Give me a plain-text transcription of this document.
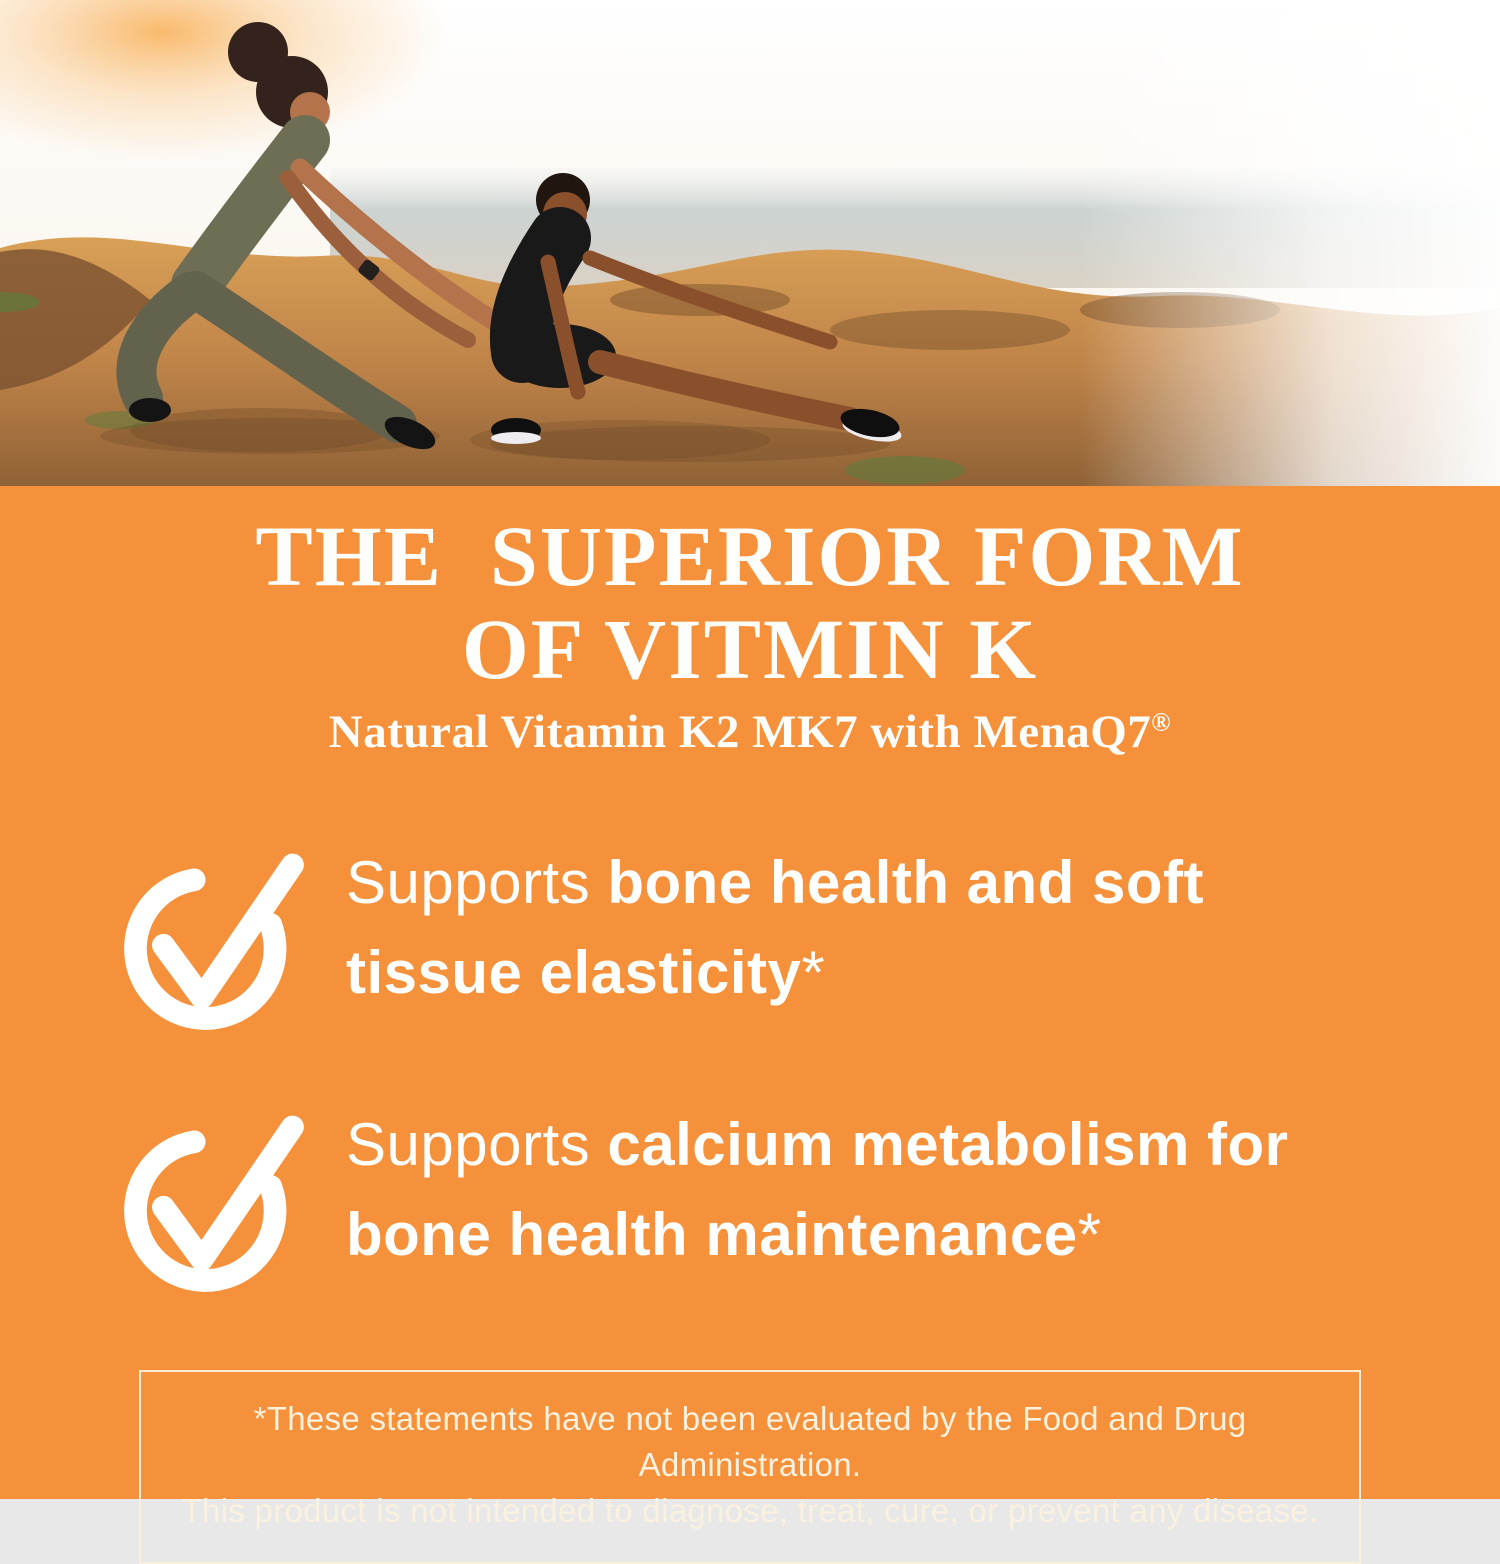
THE  SUPERIOR FORM
OF VITMIN K
Natural Vitamin K2 MK7 with MenaQ7®
Supports bone health and soft
tissue elasticity*
Supports calcium metabolism for
bone health maintenance*
*These statements have not been evaluated by the Food and Drug Administration.
This product is not intended to diagnose, treat, cure, or prevent any disease.
